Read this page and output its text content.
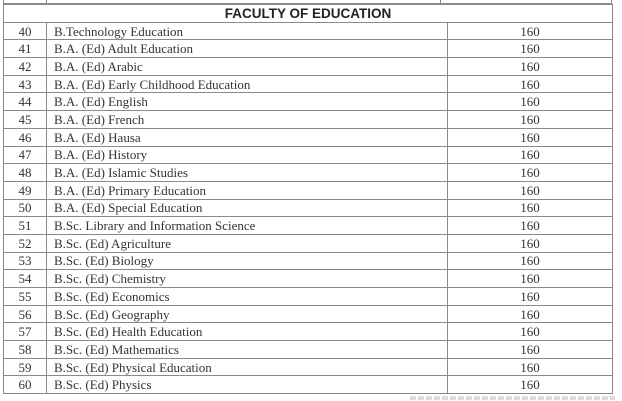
FACULTY OF EDUCATION		
40	B.Technology Education	160
41	B.A. (Ed) Adult Education	160
42	B.A. (Ed) Arabic	160
43	B.A. (Ed) Early Childhood Education	160
44	B.A. (Ed) English	160
45	B.A. (Ed) French	160
46	B.A. (Ed) Hausa	160
47	B.A. (Ed) History	160
48	B.A. (Ed) Islamic Studies	160
49	B.A. (Ed) Primary Education	160
50	B.A. (Ed) Special Education	160
51	B.Sc. Library and Information Science	160
52	B.Sc. (Ed) Agriculture	160
53	B.Sc. (Ed) Biology	160
54	B.Sc. (Ed) Chemistry	160
55	B.Sc. (Ed) Economics	160
56	B.Sc. (Ed) Geography	160
57	B.Sc. (Ed) Health Education	160
58	B.Sc. (Ed) Mathematics	160
59	B.Sc. (Ed) Physical Education	160
60	B.Sc. (Ed) Physics	160
